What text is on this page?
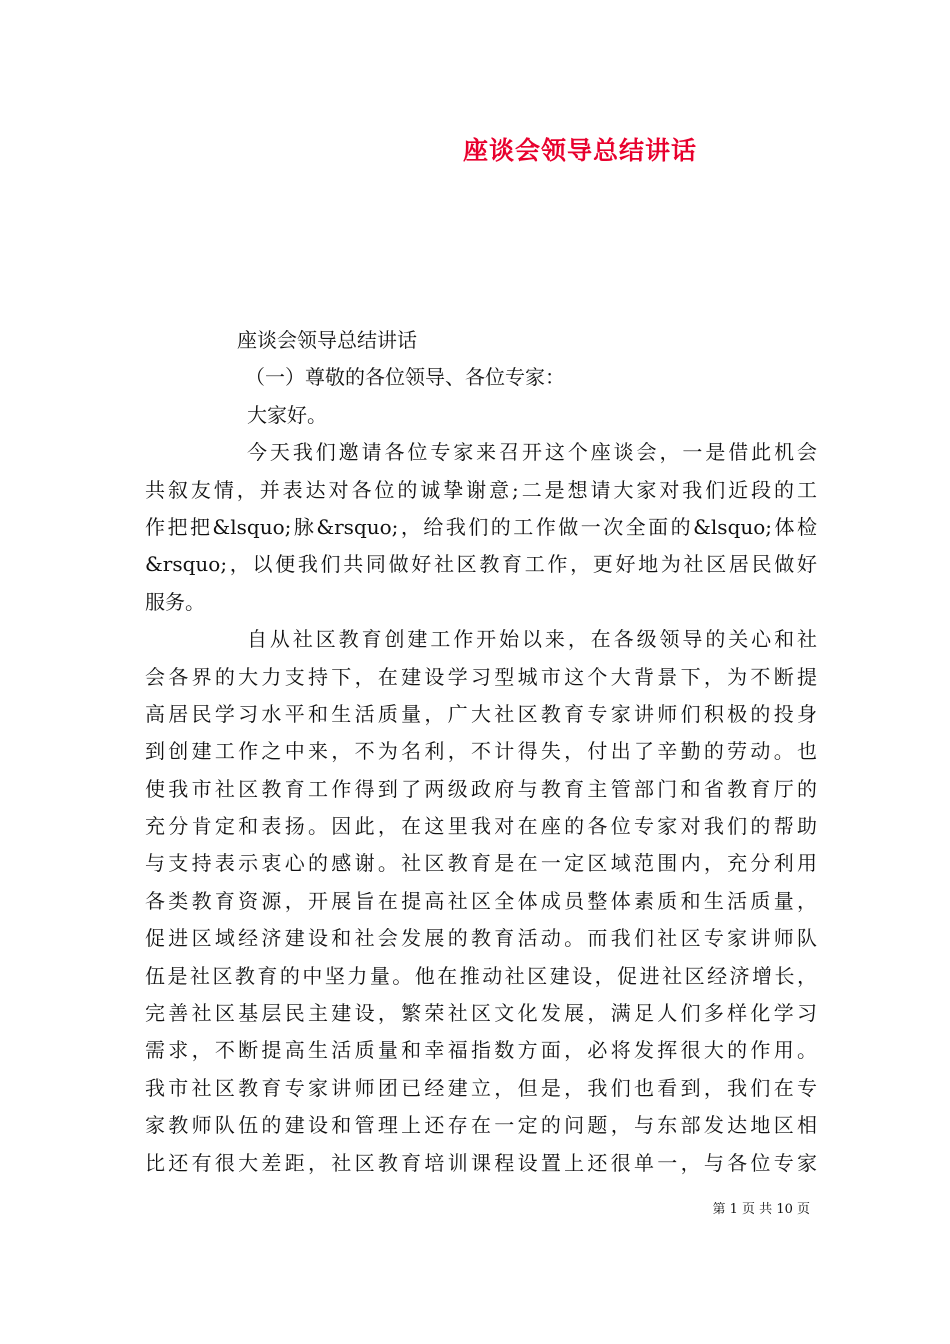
座谈会领导总结讲话
座谈会领导总结讲话
（一）尊敬的各位领导、各位专家：
大家好。
今天我们邀请各位专家来召开这个座谈会，一是借此机会
共叙友情，并表达对各位的诚挚谢意;二是想请大家对我们近段的工
作把把&lsquo;脉&rsquo;，给我们的工作做一次全面的&lsquo;体检
&rsquo;，以便我们共同做好社区教育工作，更好地为社区居民做好
服务。
自从社区教育创建工作开始以来，在各级领导的关心和社
会各界的大力支持下，在建设学习型城市这个大背景下，为不断提
高居民学习水平和生活质量，广大社区教育专家讲师们积极的投身
到创建工作之中来，不为名利，不计得失，付出了辛勤的劳动。也
使我市社区教育工作得到了两级政府与教育主管部门和省教育厅的
充分肯定和表扬。因此，在这里我对在座的各位专家对我们的帮助
与支持表示衷心的感谢。社区教育是在一定区域范围内，充分利用
各类教育资源，开展旨在提高社区全体成员整体素质和生活质量，
促进区域经济建设和社会发展的教育活动。而我们社区专家讲师队
伍是社区教育的中坚力量。他在推动社区建设，促进社区经济增长，
完善社区基层民主建设，繁荣社区文化发展，满足人们多样化学习
需求，不断提高生活质量和幸福指数方面，必将发挥很大的作用。
我市社区教育专家讲师团已经建立，但是，我们也看到，我们在专
家教师队伍的建设和管理上还存在一定的问题，与东部发达地区相
比还有很大差距，社区教育培训课程设置上还很单一，与各位专家
第 1 页 共 10 页
